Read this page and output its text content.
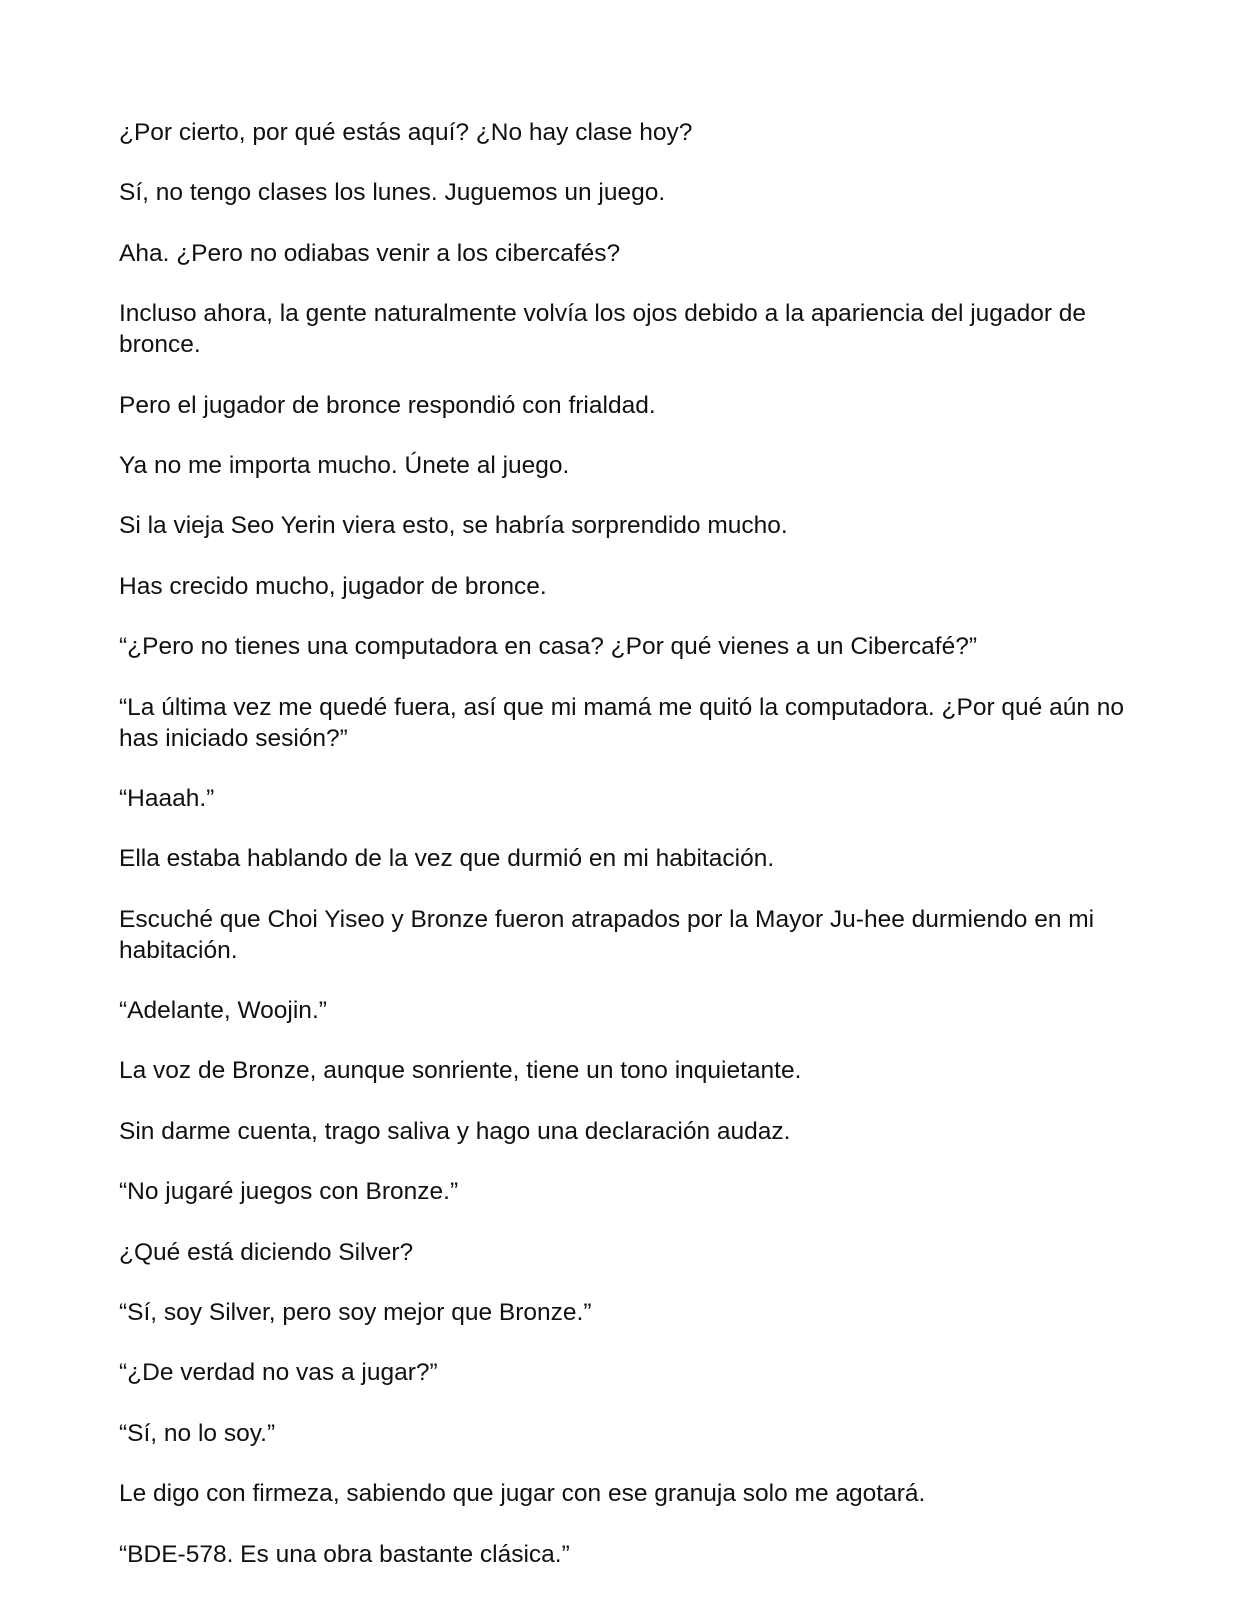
¿Por cierto, por qué estás aquí? ¿No hay clase hoy?

Sí, no tengo clases los lunes. Juguemos un juego.

Aha. ¿Pero no odiabas venir a los cibercafés?

Incluso ahora, la gente naturalmente volvía los ojos debido a la apariencia del jugador de bronce.

Pero el jugador de bronce respondió con frialdad.

Ya no me importa mucho. Únete al juego.

Si la vieja Seo Yerin viera esto, se habría sorprendido mucho.

Has crecido mucho, jugador de bronce.

“¿Pero no tienes una computadora en casa? ¿Por qué vienes a un Cibercafé?”

“La última vez me quedé fuera, así que mi mamá me quitó la computadora. ¿Por qué aún no has iniciado sesión?”

“Haaah.”

Ella estaba hablando de la vez que durmió en mi habitación.

Escuché que Choi Yiseo y Bronze fueron atrapados por la Mayor Ju-hee durmiendo en mi habitación.

“Adelante, Woojin.”

La voz de Bronze, aunque sonriente, tiene un tono inquietante.

Sin darme cuenta, trago saliva y hago una declaración audaz.

“No jugaré juegos con Bronze.”

¿Qué está diciendo Silver?

“Sí, soy Silver, pero soy mejor que Bronze.”

“¿De verdad no vas a jugar?”

“Sí, no lo soy.”

Le digo con firmeza, sabiendo que jugar con ese granuja solo me agotará.

“BDE-578. Es una obra bastante clásica.”
